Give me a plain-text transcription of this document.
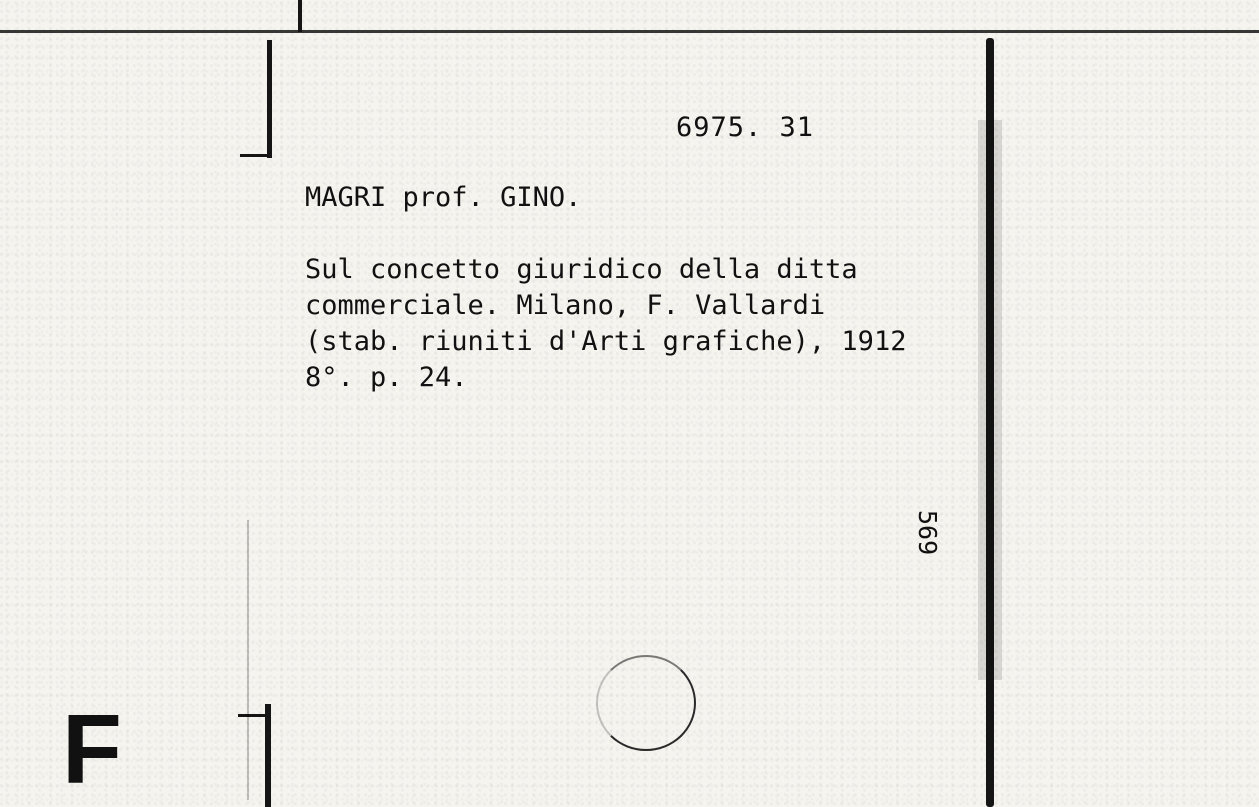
6975. 31
MAGRI prof. GINO.
Sul concetto giuridico della ditta
commerciale. Milano, F. Vallardi
(stab. riuniti d'Arti grafiche), 1912
8°. p. 24.
569
F
